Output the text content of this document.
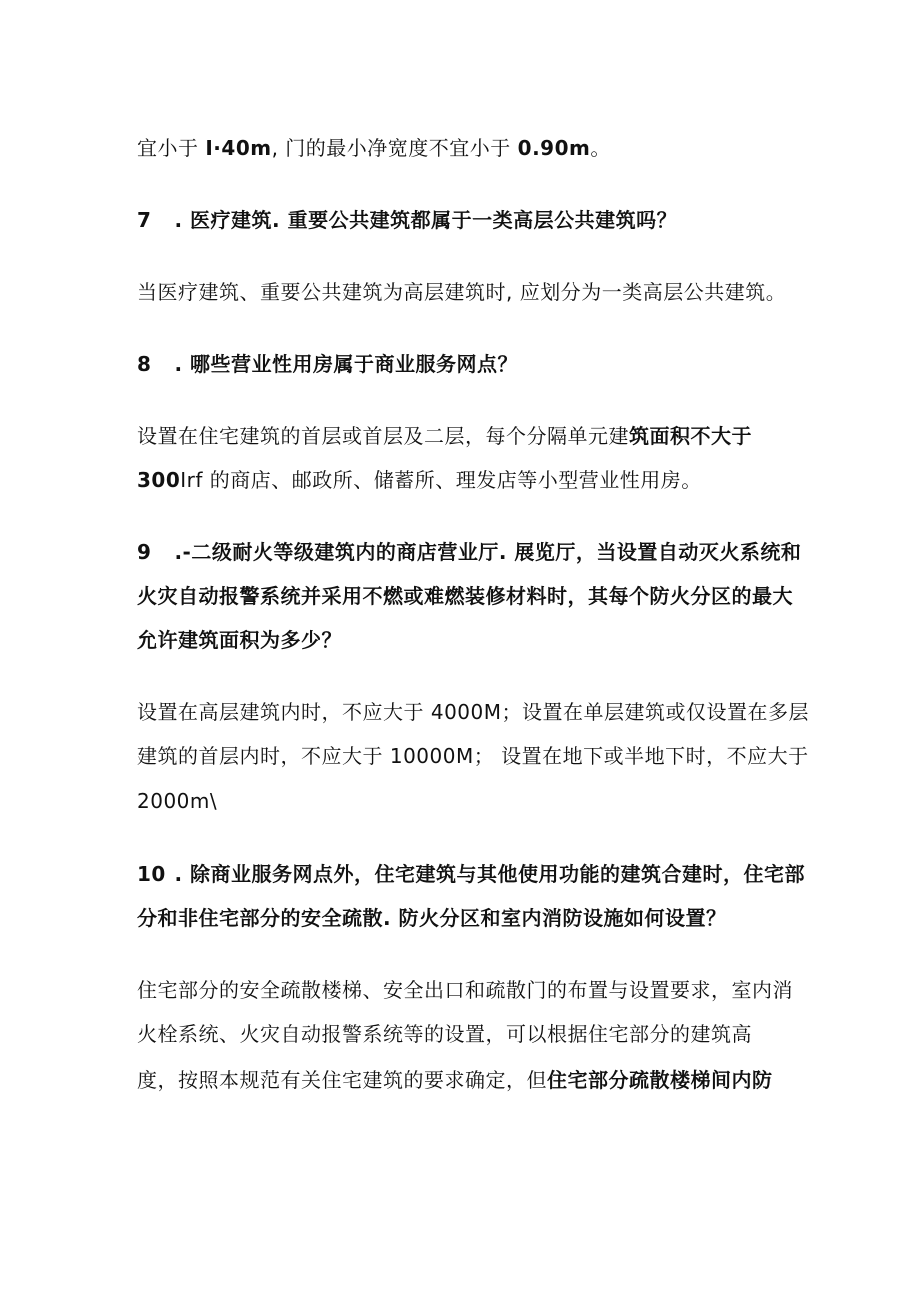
宜小于 I·40m, 门的最小净宽度不宜小于 0.90m。
7 . 医疗建筑. 重要公共建筑都属于一类高层公共建筑吗？
当医疗建筑、重要公共建筑为高层建筑时, 应划分为一类高层公共建筑。
8 . 哪些营业性用房属于商业服务网点？
设置在住宅建筑的首层或首层及二层，每个分隔单元建筑面积不大于
300Irf 的商店、邮政所、储蓄所、理发店等小型营业性用房。
9 .-二级耐火等级建筑内的商店营业厅. 展览厅，当设置自动灭火系统和
火灾自动报警系统并采用不燃或难燃装修材料时，其每个防火分区的最大
允许建筑面积为多少？
设置在高层建筑内时，不应大于 4000M；设置在单层建筑或仅设置在多层
建筑的首层内时，不应大于 10000M； 设置在地下或半地下时，不应大于
2000m\
10 . 除商业服务网点外，住宅建筑与其他使用功能的建筑合建时，住宅部
分和非住宅部分的安全疏散. 防火分区和室内消防设施如何设置？
住宅部分的安全疏散楼梯、安全出口和疏散门的布置与设置要求，室内消
火栓系统、火灾自动报警系统等的设置，可以根据住宅部分的建筑高
度，按照本规范有关住宅建筑的要求确定，但住宅部分疏散楼梯间内防
